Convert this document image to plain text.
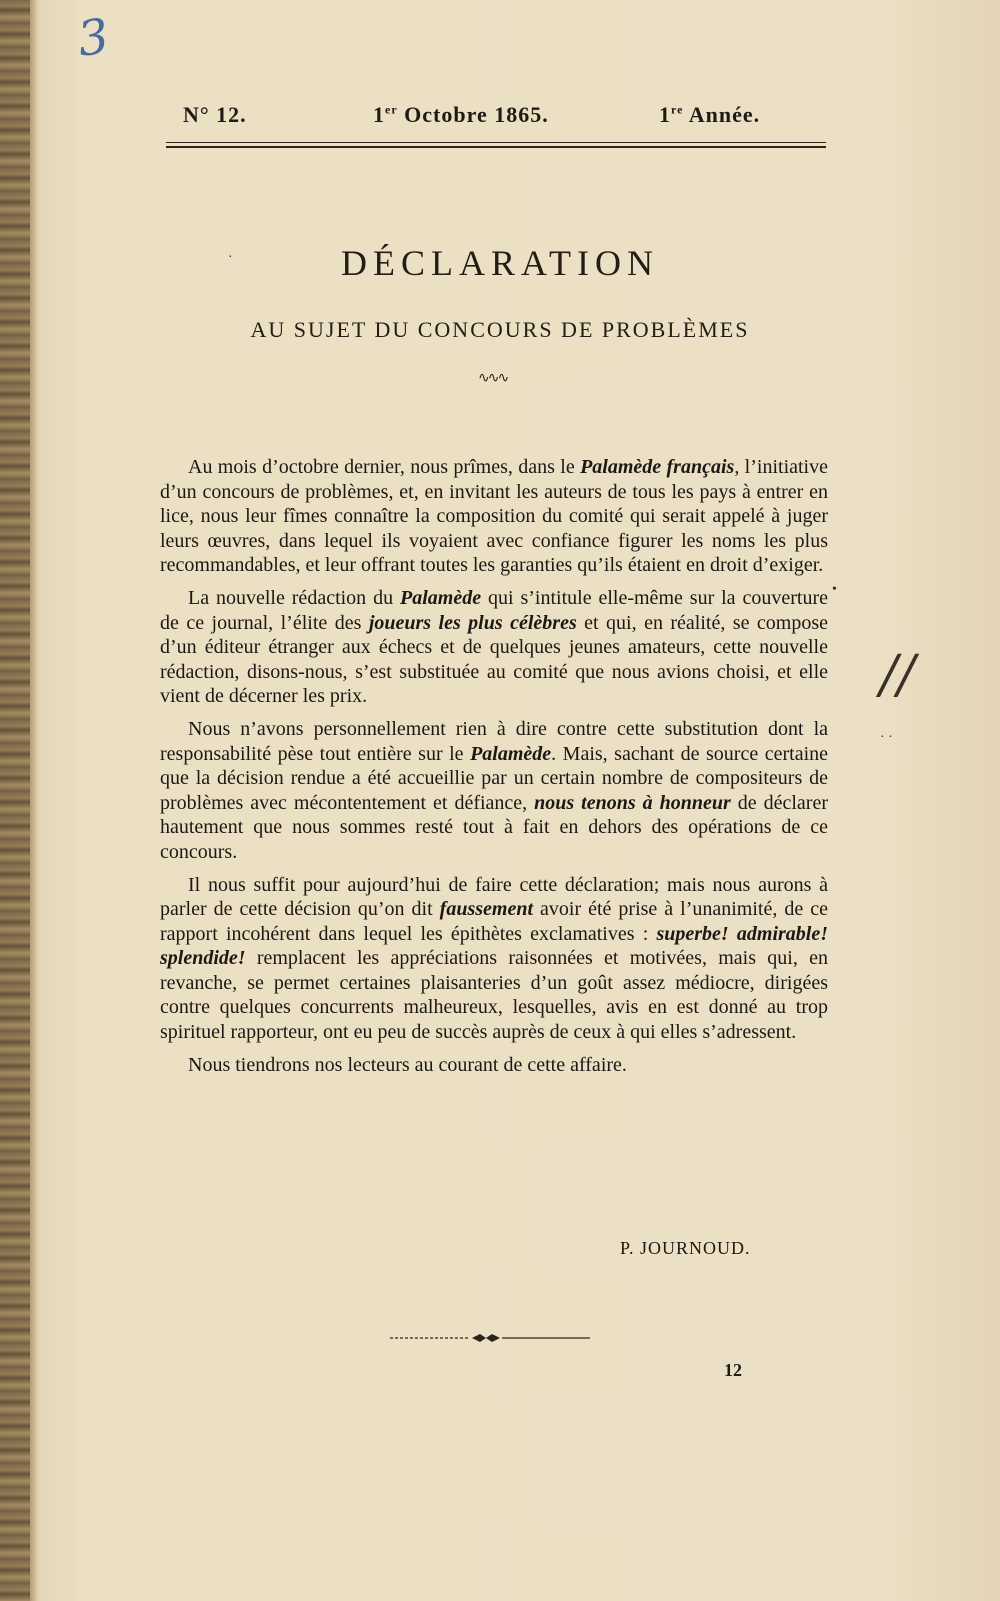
3
N° 12.	1er Octobre 1865.	1re Année.
·	DÉCLARATION
AU SUJET DU CONCOURS DE PROBLÈMES
∿∿∿

Au mois d’octobre dernier, nous prîmes, dans le Palamède français, l’initiative d’un concours de problèmes, et, en invitant les auteurs de tous les pays à entrer en lice, nous leur fîmes connaître la composition du comité qui serait appelé à juger leurs œuvres, dans lequel ils voyaient avec confiance figurer les noms les plus recommandables, et leur offrant toutes les garanties qu’ils étaient en droit d’exiger.

La nouvelle rédaction du Palamède qui s’intitule elle-même sur la couverture de ce journal, l’élite des joueurs les plus célèbres et qui, en réalité, se compose d’un éditeur étranger aux échecs et de quelques jeunes amateurs, cette nouvelle rédaction, disons-nous, s’est substituée au comité que nous avions choisi, et elle vient de décerner les prix.

Nous n’avons personnellement rien à dire contre cette substitution dont la responsabilité pèse tout entière sur le Palamède. Mais, sachant de source certaine que la décision rendue a été accueillie par un certain nombre de compositeurs de problèmes avec mécontentement et défiance, nous tenons à honneur de déclarer hautement que nous sommes resté tout à fait en dehors des opérations de ce concours.

Il nous suffit pour aujourd’hui de faire cette déclaration; mais nous aurons à parler de cette décision qu’on dit faussement avoir été prise à l’unanimité, de ce rapport incohérent dans lequel les épithètes exclamatives : superbe! admirable! splendide! remplacent les appréciations raisonnées et motivées, mais qui, en revanche, se permet certaines plaisanteries d’un goût assez médiocre, dirigées contre quelques concurrents malheureux, lesquelles, avis en est donné au trop spirituel rapporteur, ont eu peu de succès auprès de ceux à qui elles s’adressent.

Nous tiendrons nos lecteurs au courant de cette affaire.

P. JOURNOUD.
12
//
•
· ·
